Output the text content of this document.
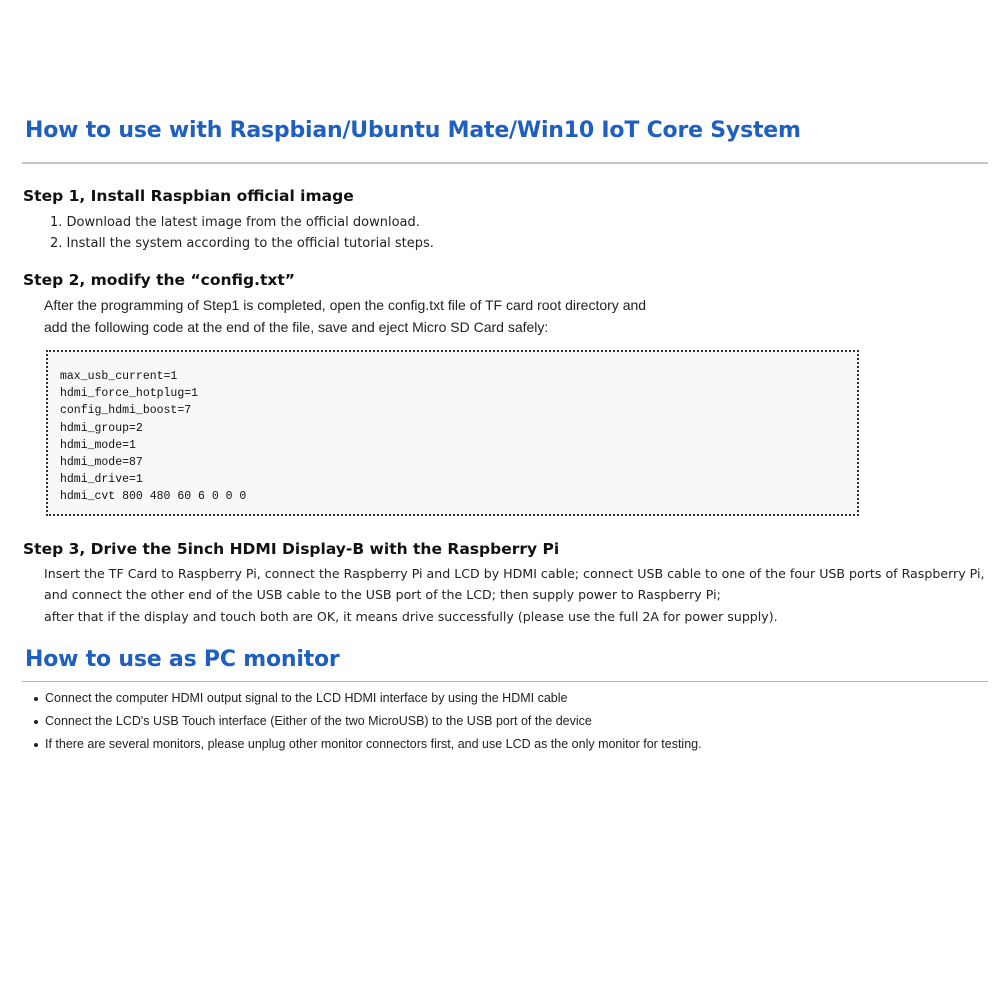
How to use with Raspbian/Ubuntu Mate/Win10 IoT Core System
Step 1, Install Raspbian official image
1. Download the latest image from the official download.
2. Install the system according to the official tutorial steps.
Step 2, modify the “config.txt”
After the programming of Step1 is completed, open the config.txt file of TF card root directory and
add the following code at the end of the file, save and eject Micro SD Card safely:
max_usb_current=1
hdmi_force_hotplug=1
config_hdmi_boost=7
hdmi_group=2
hdmi_mode=1
hdmi_mode=87
hdmi_drive=1
hdmi_cvt 800 480 60 6 0 0 0
Step 3, Drive the 5inch HDMI Display-B with the Raspberry Pi
Insert the TF Card to Raspberry Pi, connect the Raspberry Pi and LCD by HDMI cable; connect USB cable to one of the four USB ports of Raspberry Pi,
and connect the other end of the USB cable to the USB port of the LCD; then supply power to Raspberry Pi;
after that if the display and touch both are OK, it means drive successfully (please use the full 2A for power supply).
How to use as PC monitor
Connect the computer HDMI output signal to the LCD HDMI interface by using the HDMI cable
Connect the LCD's USB Touch interface (Either of the two MicroUSB) to the USB port of the device
If there are several monitors, please unplug other monitor connectors first, and use LCD as the only monitor for testing.
